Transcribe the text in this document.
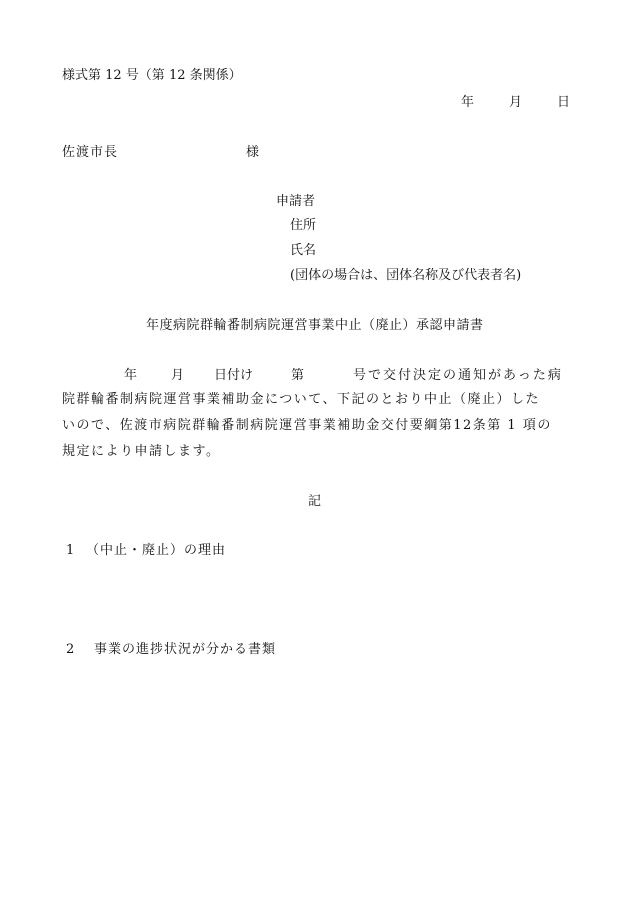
様式第 12 号（第 12 条関係）
年	月	日
佐渡市長	様
申請者
住所
氏名
(団体の場合は、団体名称及び代表者名)
年度病院群輪番制病院運営事業中止（廃止）承認申請書
年	月 日付け	第	号で交付決定の通知があった病
院群輪番制病院運営事業補助金について、下記のとおり中止（廃止）した
いので、佐渡市病院群輪番制病院運営事業補助金交付要綱第12条第 1 項の
規定により申請します。
記
1 （中止・廃止）の理由
2 事業の進捗状況が分かる書類
